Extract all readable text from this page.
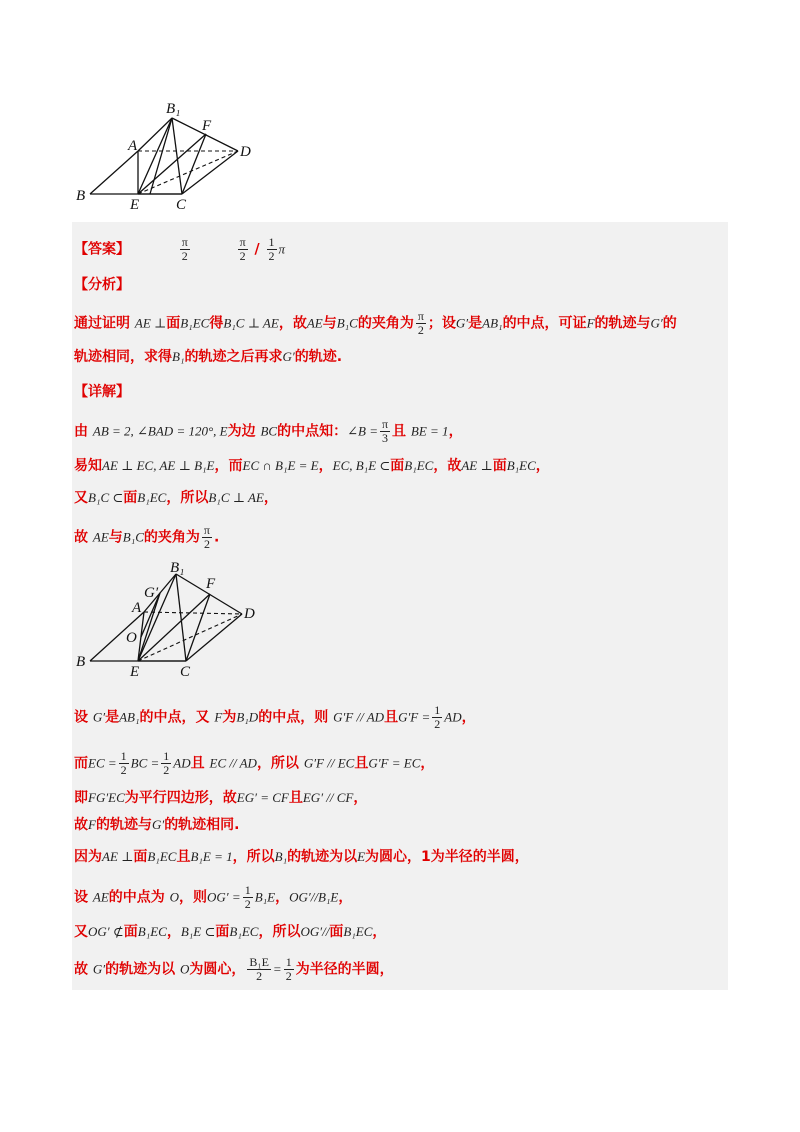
B₁
F
A	D
B
E C
【答案】	$\frac{\pi}{2}$
	$\frac{\pi}{2} / \frac{1}{2}$ π
【分析】
通过证明 AE ⊥面B₁EC得B₁C ⊥ AE，故AE与B₁C的夹角为 $\frac{\pi}{2}$ ；设G′是AB₁的中点，可证F的轨迹与G′的
轨迹相同，求得B₁的轨迹之后再求G′的轨迹.
【详解】
由 AB = 2, ∠BAD = 120°, E为边 BC的中点知：∠B = $\frac{\pi}{3}$ 且 BE = 1，
易知AE ⊥ EC, AE ⊥ B₁E，而EC ∩ B₁E = E，EC, B₁E ⊂面B₁EC，故AE ⊥面B₁EC，
又B₁C ⊂面B₁EC，所以B₁C ⊥ AE，
故 AE与B₁C的夹角为 $\frac{\pi}{2}$ .
B₁
G′
F
A	D
O
B
E	C
设 G′是AB₁的中点，又 F为B₁D的中点，则 G′F // AD且$G'F = \frac{1}{2}$ AD，
而EC = $\frac{1}{2}$ BC = $\frac{1}{2}$ AD且 EC // AD，所以 G′F // EC且G′F = EC，
即FG′EC为平行四边形，故EG′ = CF且EG′ // CF，
故F的轨迹与G′的轨迹相同.
因为AE ⊥面B₁EC且B₁E = 1，所以B₁的轨迹为以E为圆心，1为半径的半圆，
设 AE的中点为 O，则$OG' = \frac{1}{2} B_1E$，OG′//B₁E，
又OG′ ⊄面B₁EC，B₁E ⊂面B₁EC，所以OG′//面B₁EC，
故 G′的轨迹为以 O为圆心， $\frac{\text{B₁E}}{2} = \frac{1}{2}$ 为半径的半圆，
